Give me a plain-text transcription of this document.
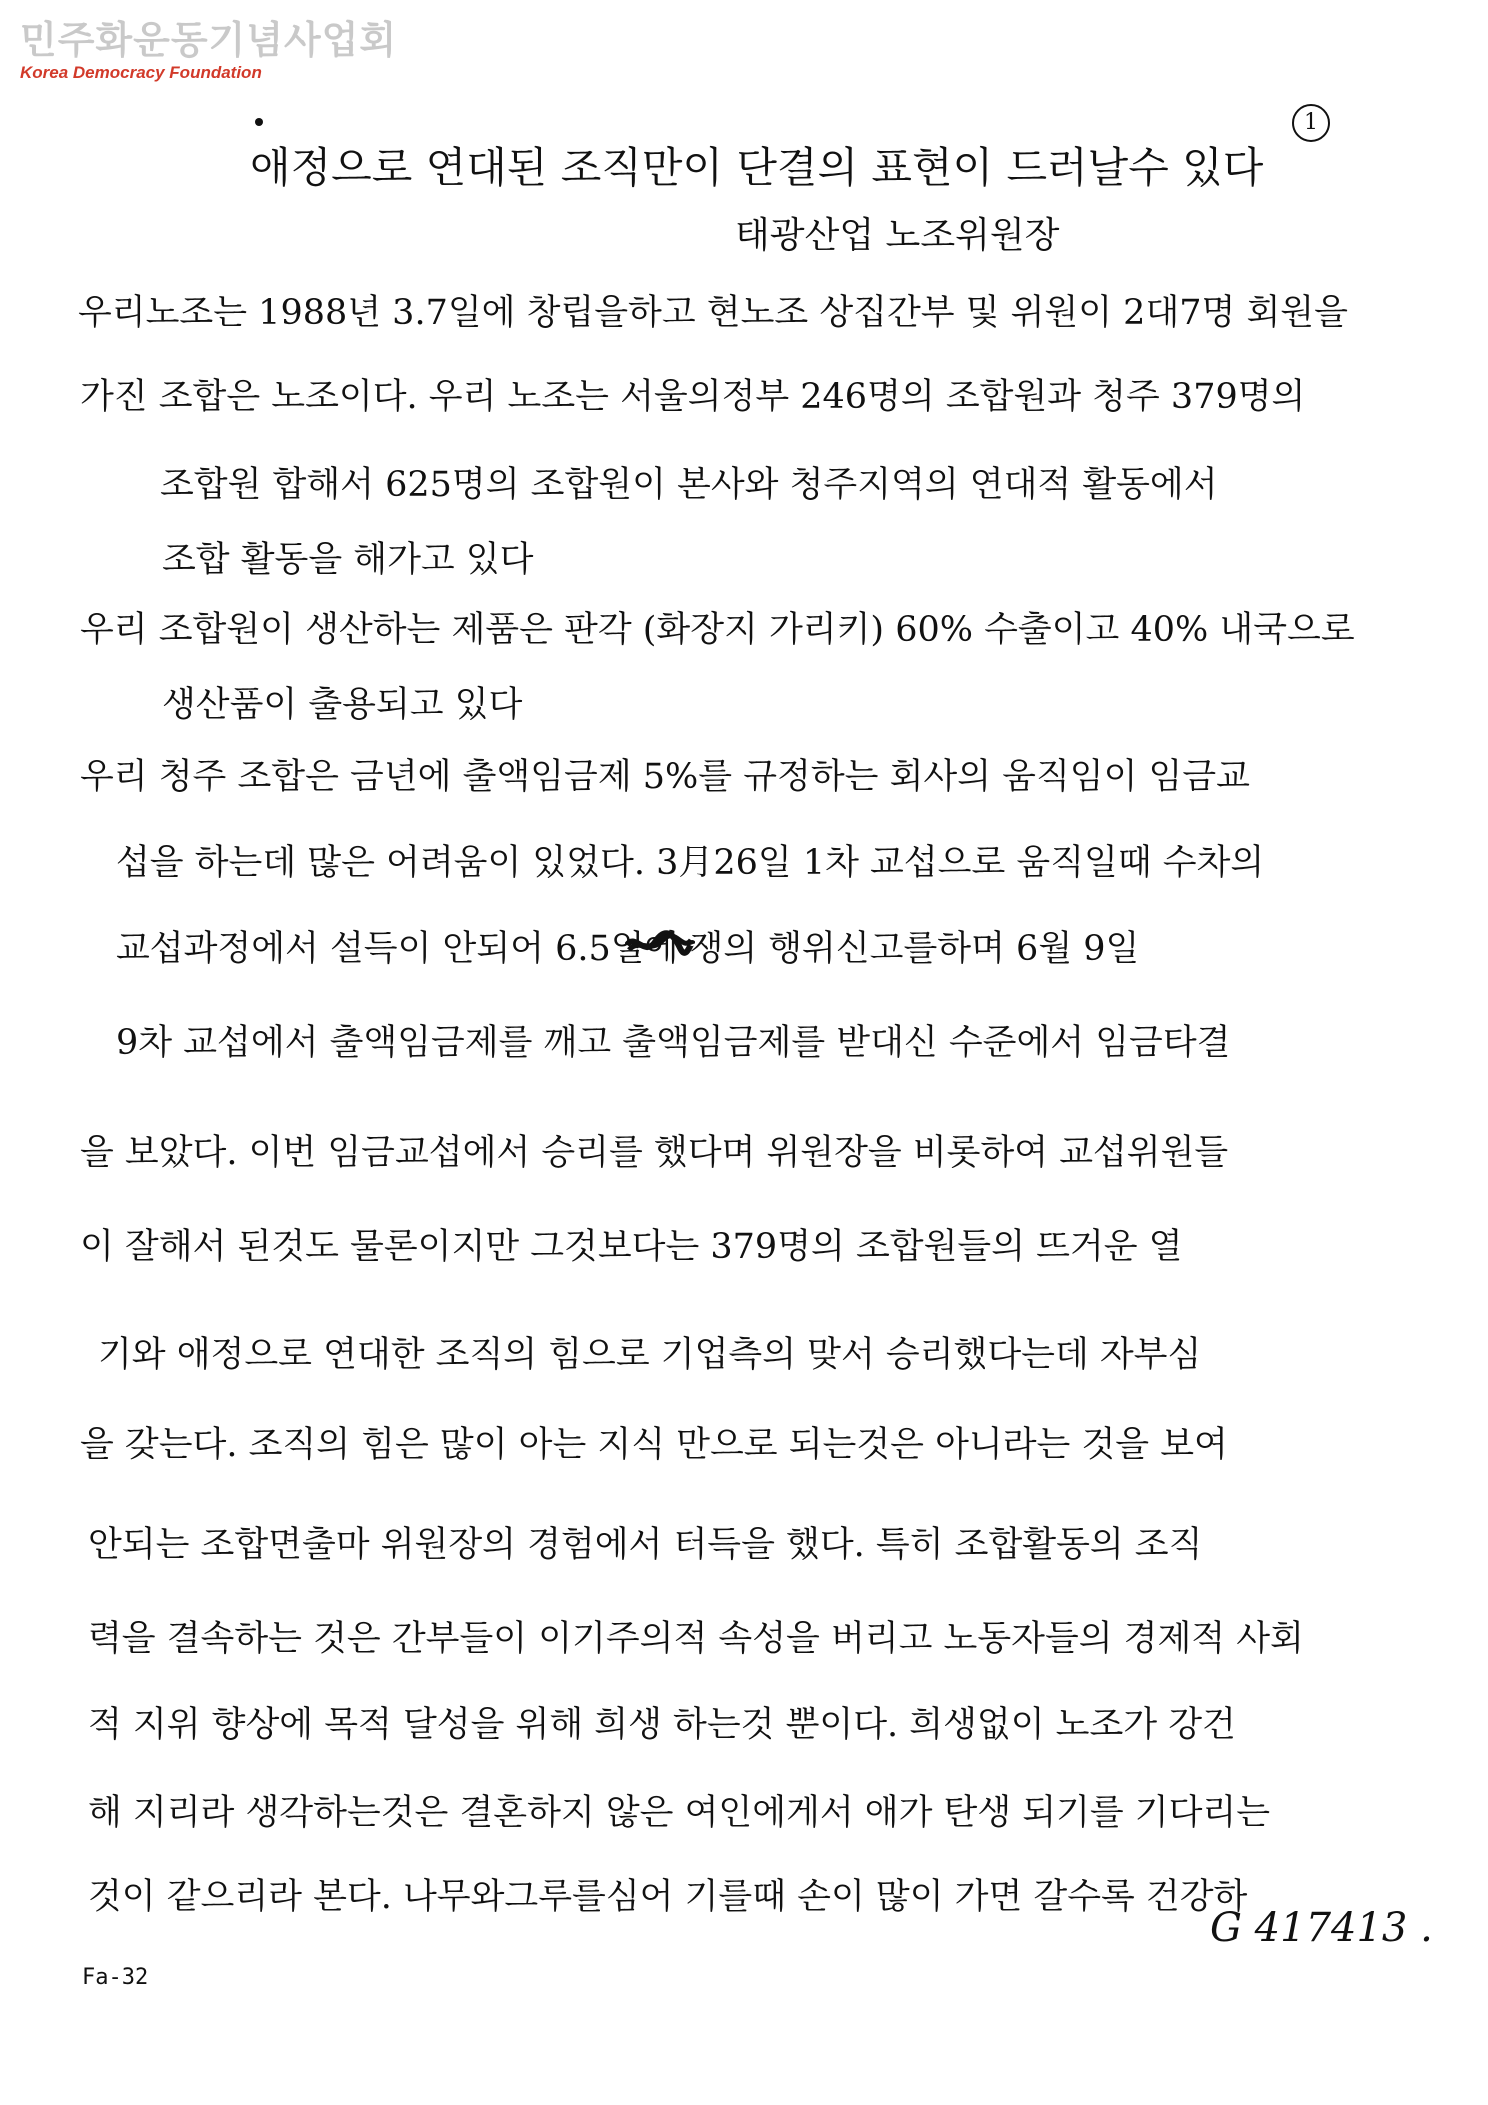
민주화운동기념사업회
Korea Democracy Foundation
1
애정으로 연대된 조직만이 단결의 표현이 드러날수 있다
태광산업 노조위원장
우리노조는 1988년 3.7일에 창립을하고 현노조 상집간부 및 위원이 2대7명 회원을
가진 조합은 노조이다. 우리 노조는 서울의정부 246명의 조합원과 청주 379명의
조합원 합해서 625명의 조합원이 본사와 청주지역의 연대적 활동에서
조합 활동을 해가고 있다
우리 조합원이 생산하는 제품은 판각 (화장지 가리키) 60% 수출이고 40% 내국으로
생산품이 출용되고 있다
우리 청주 조합은 금년에 출액임금제 5%를 규정하는 회사의 움직임이 임금교
섭을 하는데 많은 어려움이 있었다. 3月26일 1차 교섭으로 움직일때 수차의
교섭과정에서 설득이 안되어 6.5일에 쟁의 행위신고를하며 6월 9일
9차 교섭에서 출액임금제를 깨고 출액임금제를 받대신 수준에서 임금타결
을 보았다. 이번 임금교섭에서 승리를 했다며 위원장을 비롯하여 교섭위원들
이 잘해서 된것도 물론이지만 그것보다는 379명의 조합원들의 뜨거운 열
기와 애정으로 연대한 조직의 힘으로 기업측의 맞서 승리했다는데 자부심
을 갖는다. 조직의 힘은 많이 아는 지식 만으로 되는것은 아니라는 것을 보여
안되는 조합면출마 위원장의 경험에서 터득을 했다. 특히 조합활동의 조직
력을 결속하는 것은 간부들이 이기주의적 속성을 버리고 노동자들의 경제적 사회
적 지위 향상에 목적 달성을 위해 희생 하는것 뿐이다. 희생없이 노조가 강건
해 지리라 생각하는것은 결혼하지 않은 여인에게서 애가 탄생 되기를 기다리는
것이 같으리라 본다. 나무와그루를심어 기를때 손이 많이 가면 갈수록 건강하
Fa-32
G 417413 .
